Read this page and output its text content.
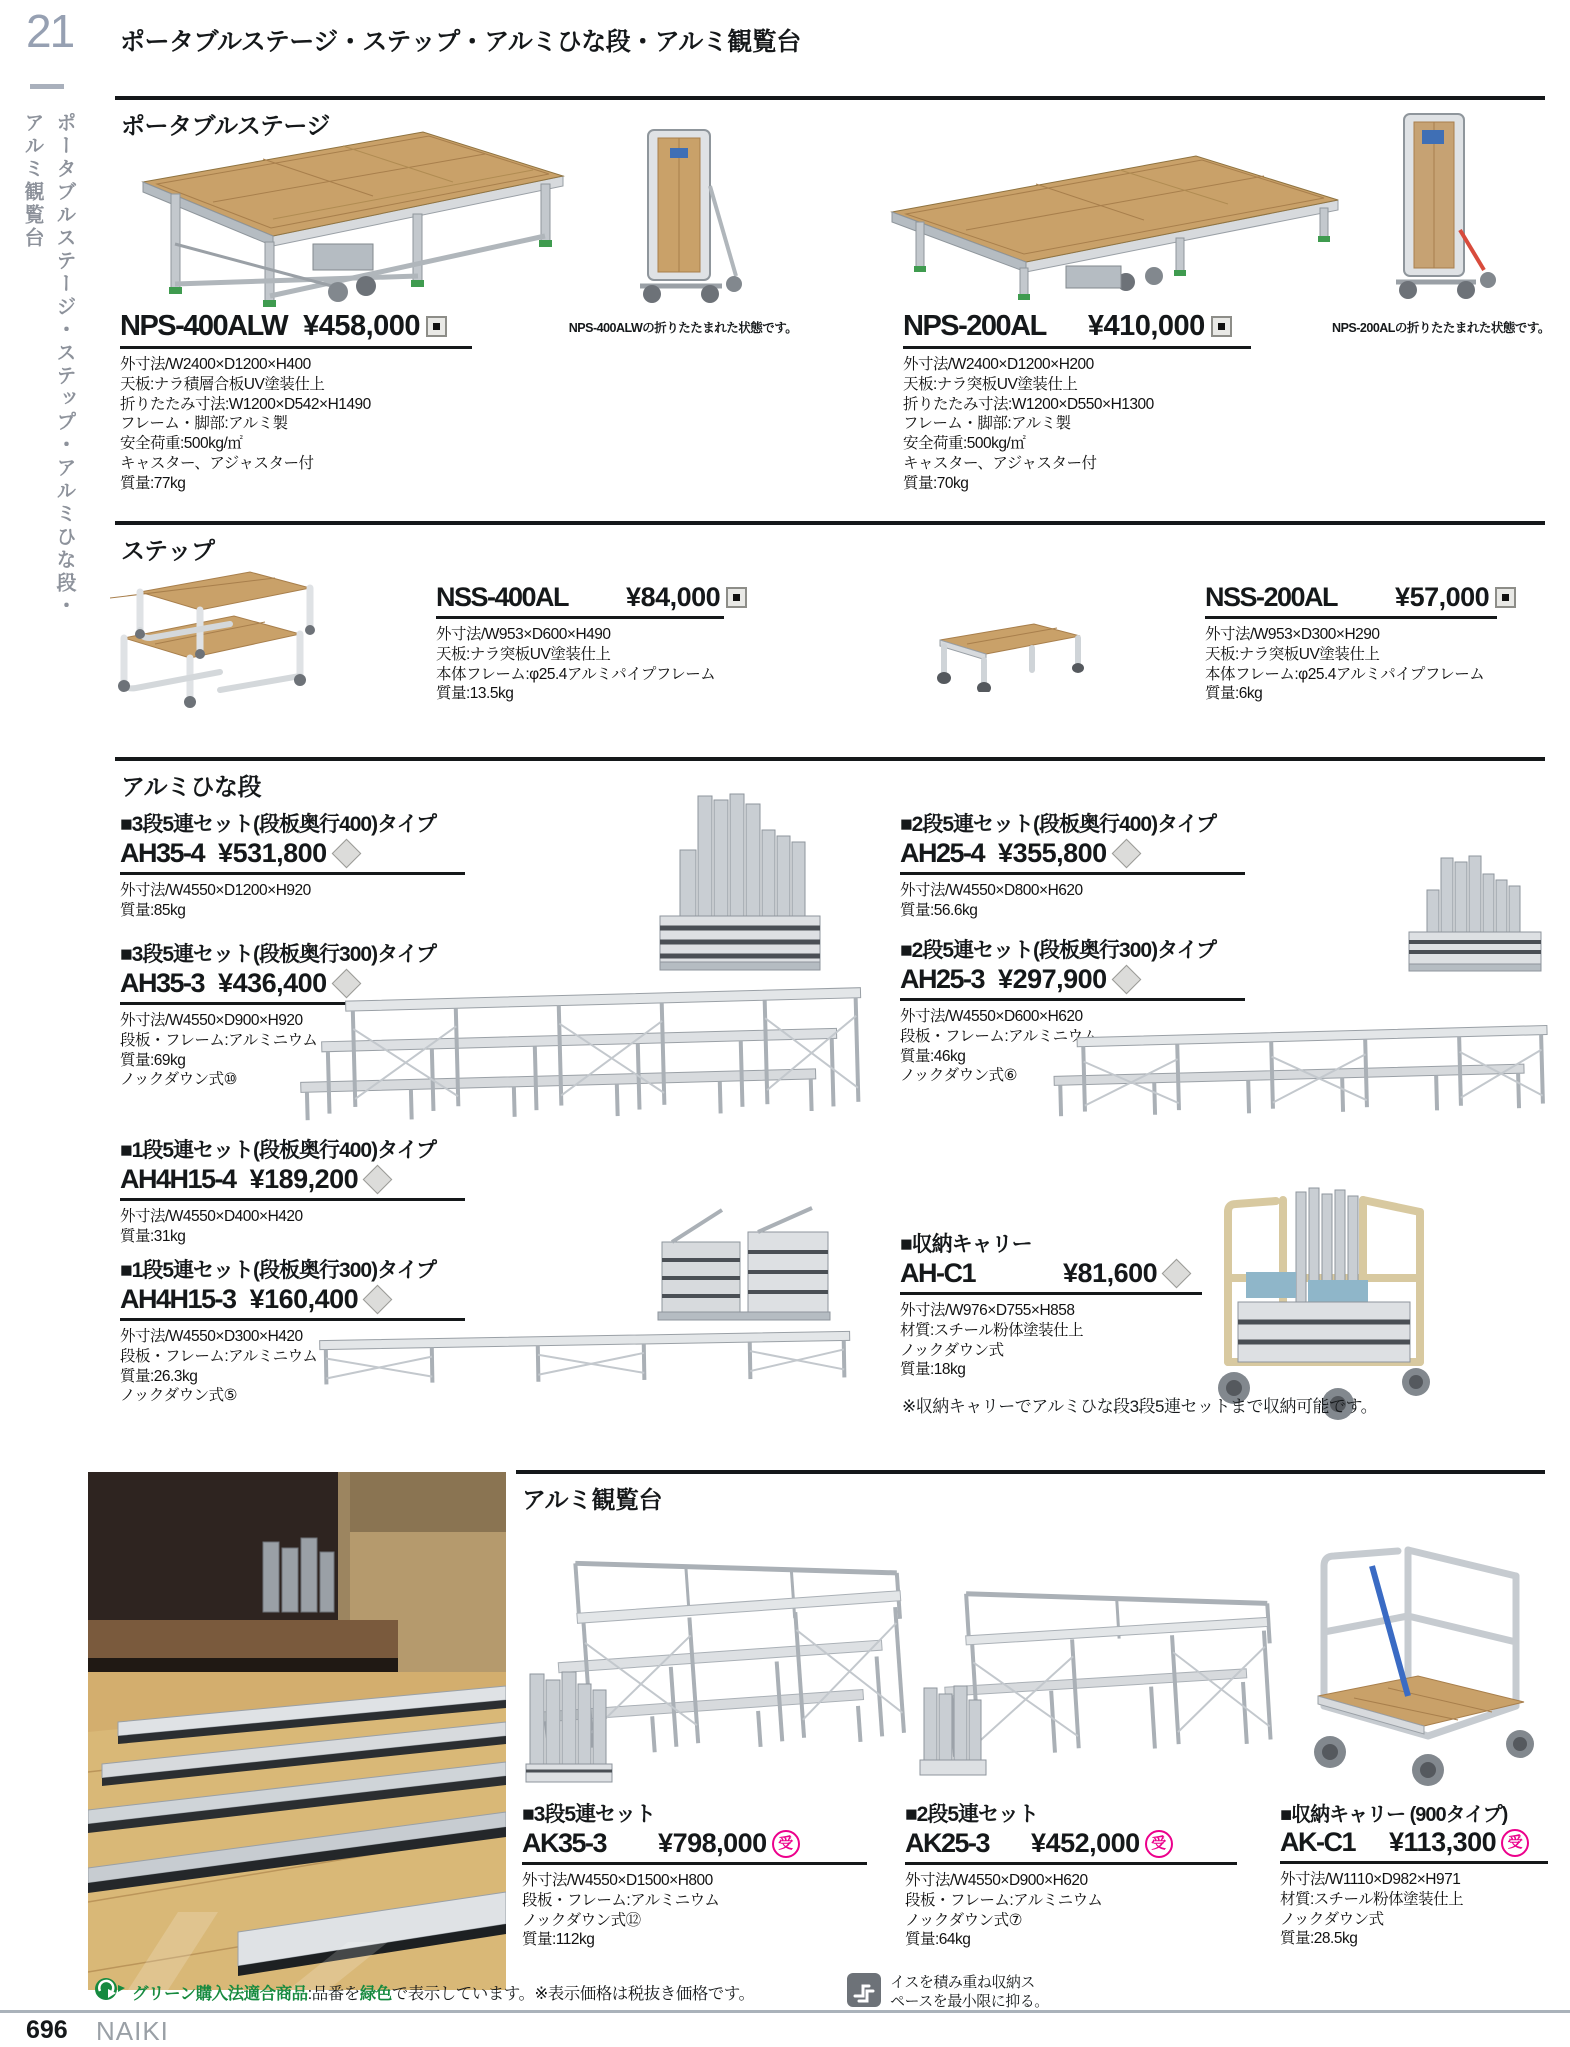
21 ポータブルステージ・ステップ・アルミひな段・アルミ観覧台
ポータブルステージ・ステップ・アルミひな段・
アルミ観覧台	ポータブルステージ
NPS-400ALWの折りたたまれた状態です。	NPS-200ALの折りたたまれた状態です。
NPS-400ALW ¥458,000
外寸法/W2400×D1200×H400
天板:ナラ積層合板UV塗装仕上
折りたたみ寸法:W1200×D542×H1490
フレーム・脚部:アルミ製
安全荷重:500kg/㎡
キャスター、アジャスター付
質量:77kg
NPS-200AL ¥410,000
外寸法/W2400×D1200×H200
天板:ナラ突板UV塗装仕上
折りたたみ寸法:W1200×D550×H1300
フレーム・脚部:アルミ製
安全荷重:500kg/㎡
キャスター、アジャスター付
質量:70kg
ステップ
NSS-400AL ¥84,000
外寸法/W953×D600×H490
天板:ナラ突板UV塗装仕上
本体フレーム:φ25.4アルミパイプフレーム
質量:13.5kg
NSS-200AL ¥57,000
外寸法/W953×D300×H290
天板:ナラ突板UV塗装仕上
本体フレーム:φ25.4アルミパイプフレーム
質量:6kg
アルミひな段
■3段5連セット(段板奥行400)タイプ
AH35-4 ¥531,800
外寸法/W4550×D1200×H920
質量:85kg
■3段5連セット(段板奥行300)タイプ
AH35-3 ¥436,400
外寸法/W4550×D900×H920
段板・フレーム:アルミニウム
質量:69kg
ノックダウン式⑩
■2段5連セット(段板奥行400)タイプ
AH25-4 ¥355,800
外寸法/W4550×D800×H620
質量:56.6kg
■2段5連セット(段板奥行300)タイプ
AH25-3 ¥297,900
外寸法/W4550×D600×H620
段板・フレーム:アルミニウム
質量:46kg
ノックダウン式⑥
■1段5連セット(段板奥行400)タイプ
AH4H15-4 ¥189,200
外寸法/W4550×D400×H420
質量:31kg
■1段5連セット(段板奥行300)タイプ
AH4H15-3 ¥160,400
外寸法/W4550×D300×H420
段板・フレーム:アルミニウム
質量:26.3kg
ノックダウン式⑤
■収納キャリー
AH-C1	¥81,600
外寸法/W976×D755×H858
材質:スチール粉体塗装仕上
ノックダウン式
質量:18kg
※収納キャリーでアルミひな段3段5連セットまで収納可能です。
アルミ観覧台
■3段5連セット
AK35-3 ¥798,000 受
外寸法/W4550×D1500×H800
段板・フレーム:アルミニウム
ノックダウン式⑫
質量:112kg
■2段5連セット
AK25-3 ¥452,000 受
外寸法/W4550×D900×H620
段板・フレーム:アルミニウム
ノックダウン式⑦
質量:64kg
■収納キャリー (900タイプ)
AK-C1 ¥113,300 受
外寸法/W1110×D982×H971
材質:スチール粉体塗装仕上
ノックダウン式
質量:28.5kg
グリーン購入法適合商品:品番を緑色で表示しています。※表示価格は税抜き価格です。
イスを積み重ね収納ス
ペースを最小限に抑る。
696 NAIKI
